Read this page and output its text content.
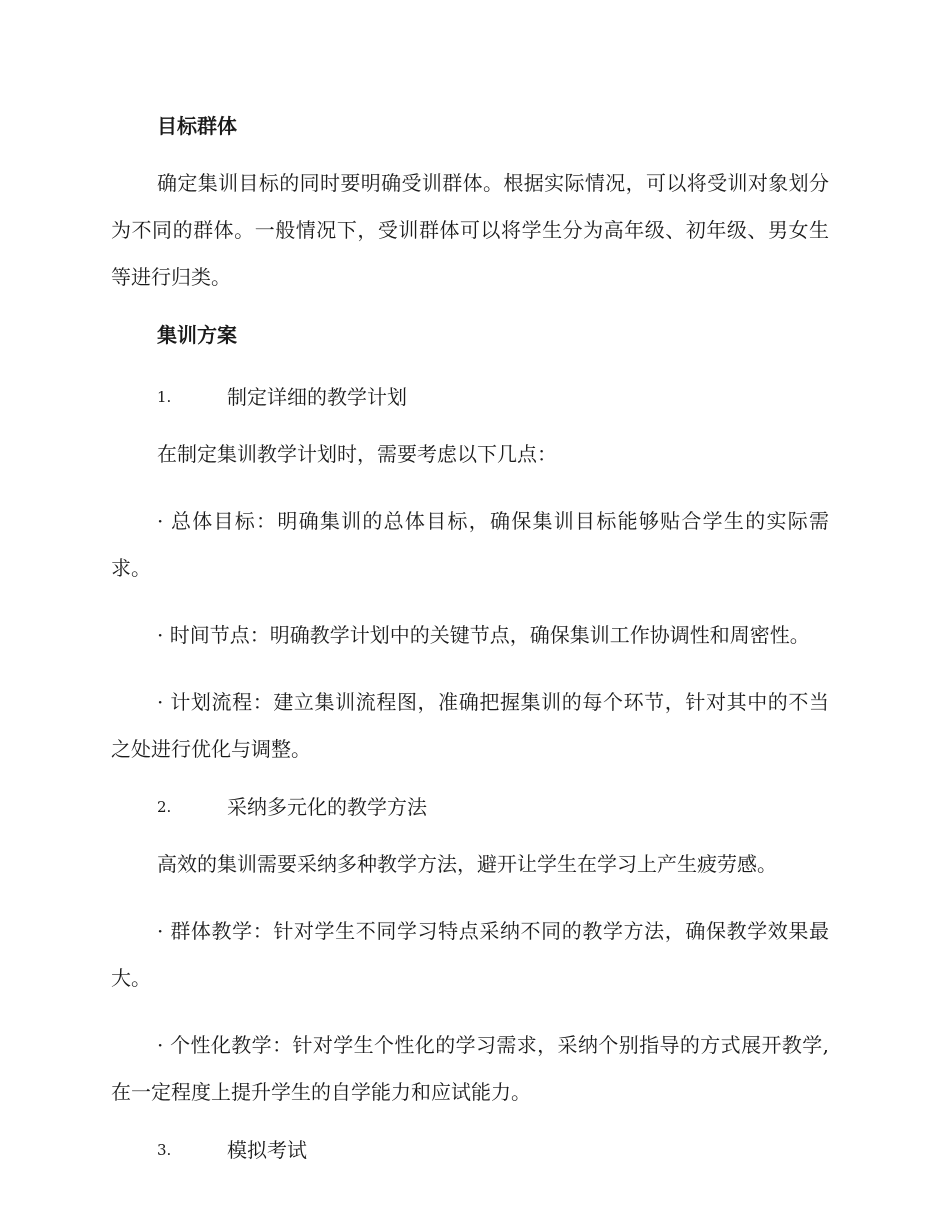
目标群体

确定集训目标的同时要明确受训群体。根据实际情况，可以将受训对象划分为不同的群体。一般情况下，受训群体可以将学生分为高年级、初年级、男女生等进行归类。

集训方案
1.	制定详细的教学计划

在制定集训教学计划时，需要考虑以下几点：

· 总体目标：明确集训的总体目标，确保集训目标能够贴合学生的实际需求。

· 时间节点：明确教学计划中的关键节点，确保集训工作协调性和周密性。

· 计划流程：建立集训流程图，准确把握集训的每个环节，针对其中的不当之处进行优化与调整。

2.	采纳多元化的教学方法

高效的集训需要采纳多种教学方法，避开让学生在学习上产生疲劳感。

· 群体教学：针对学生不同学习特点采纳不同的教学方法，确保教学效果最大。

· 个性化教学：针对学生个性化的学习需求，采纳个别指导的方式展开教学, 在一定程度上提升学生的自学能力和应试能力。

3.	模拟考试
